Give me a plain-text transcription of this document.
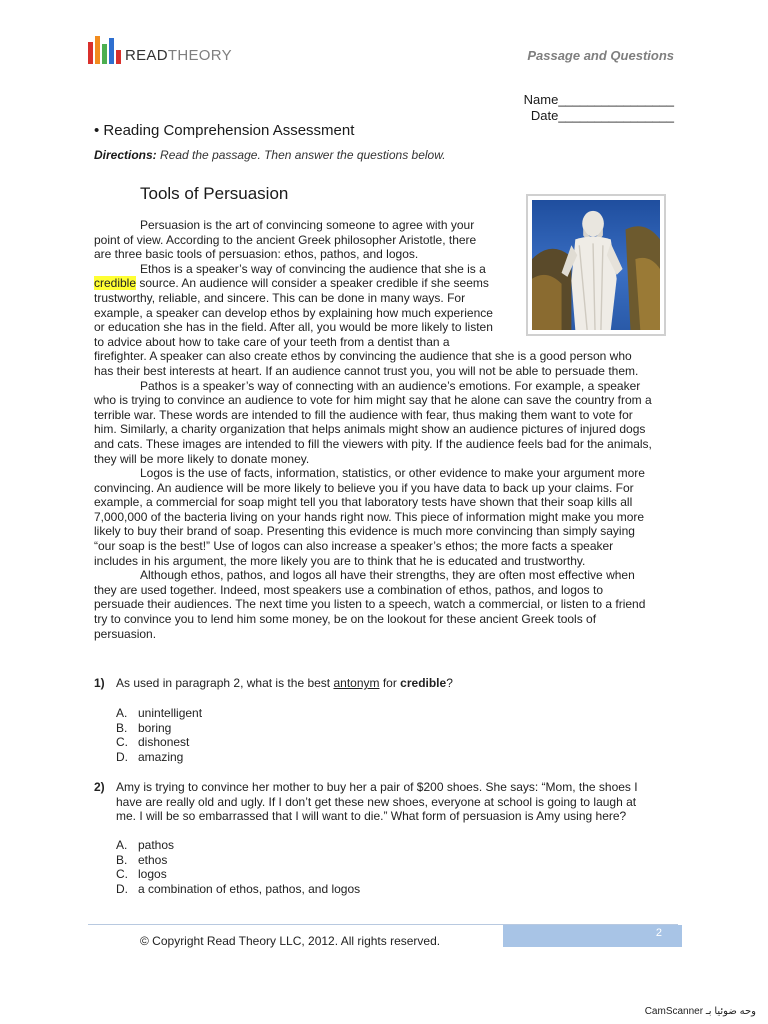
READTHEORY	Passage and Questions
Name________________
Date________________
• Reading Comprehension Assessment
Directions: Read the passage. Then answer the questions below.
Tools of Persuasion

Persuasion is the art of convincing someone to agree with your
point of view. According to the ancient Greek philosopher Aristotle, there
are three basic tools of persuasion: ethos, pathos, and logos.

Ethos is a speaker’s way of convincing the audience that she is a
credible source. An audience will consider a speaker credible if she seems
trustworthy, reliable, and sincere. This can be done in many ways. For
example, a speaker can develop ethos by explaining how much experience
or education she has in the field. After all, you would be more likely to listen
to advice about how to take care of your teeth from a dentist than a
firefighter. A speaker can also create ethos by convincing the audience that she is a good person who
has their best interests at heart. If an audience cannot trust you, you will not be able to persuade them.

Pathos is a speaker’s way of connecting with an audience’s emotions. For example, a speaker
who is trying to convince an audience to vote for him might say that he alone can save the country from a
terrible war. These words are intended to fill the audience with fear, thus making them want to vote for
him. Similarly, a charity organization that helps animals might show an audience pictures of injured dogs
and cats. These images are intended to fill the viewers with pity. If the audience feels bad for the animals,
they will be more likely to donate money.

Logos is the use of facts, information, statistics, or other evidence to make your argument more
convincing. An audience will be more likely to believe you if you have data to back up your claims. For
example, a commercial for soap might tell you that laboratory tests have shown that their soap kills all
7,000,000 of the bacteria living on your hands right now. This piece of information might make you more
likely to buy their brand of soap. Presenting this evidence is much more convincing than simply saying
“our soap is the best!” Use of logos can also increase a speaker’s ethos; the more facts a speaker
includes in his argument, the more likely you are to think that he is educated and trustworthy.

Although ethos, pathos, and logos all have their strengths, they are often most effective when
they are used together. Indeed, most speakers use a combination of ethos, pathos, and logos to
persuade their audiences. The next time you listen to a speech, watch a commercial, or listen to a friend
try to convince you to lend him some money, be on the lookout for these ancient Greek tools of
persuasion.

1) As used in paragraph 2, what is the best antonym for credible?
A. unintelligent
B. boring
C. dishonest
D. amazing
2) Amy is trying to convince her mother to buy her a pair of $200 shoes. She says: “Mom, the shoes I
have are really old and ugly. If I don’t get these new shoes, everyone at school is going to laugh at
me. I will be so embarrassed that I will want to die.” What form of persuasion is Amy using here?
A. pathos
B. ethos
C. logos
D. a combination of ethos, pathos, and logos
2
© Copyright Read Theory LLC, 2012. All rights reserved.
CamScanner وحه ضوئيا بـ
